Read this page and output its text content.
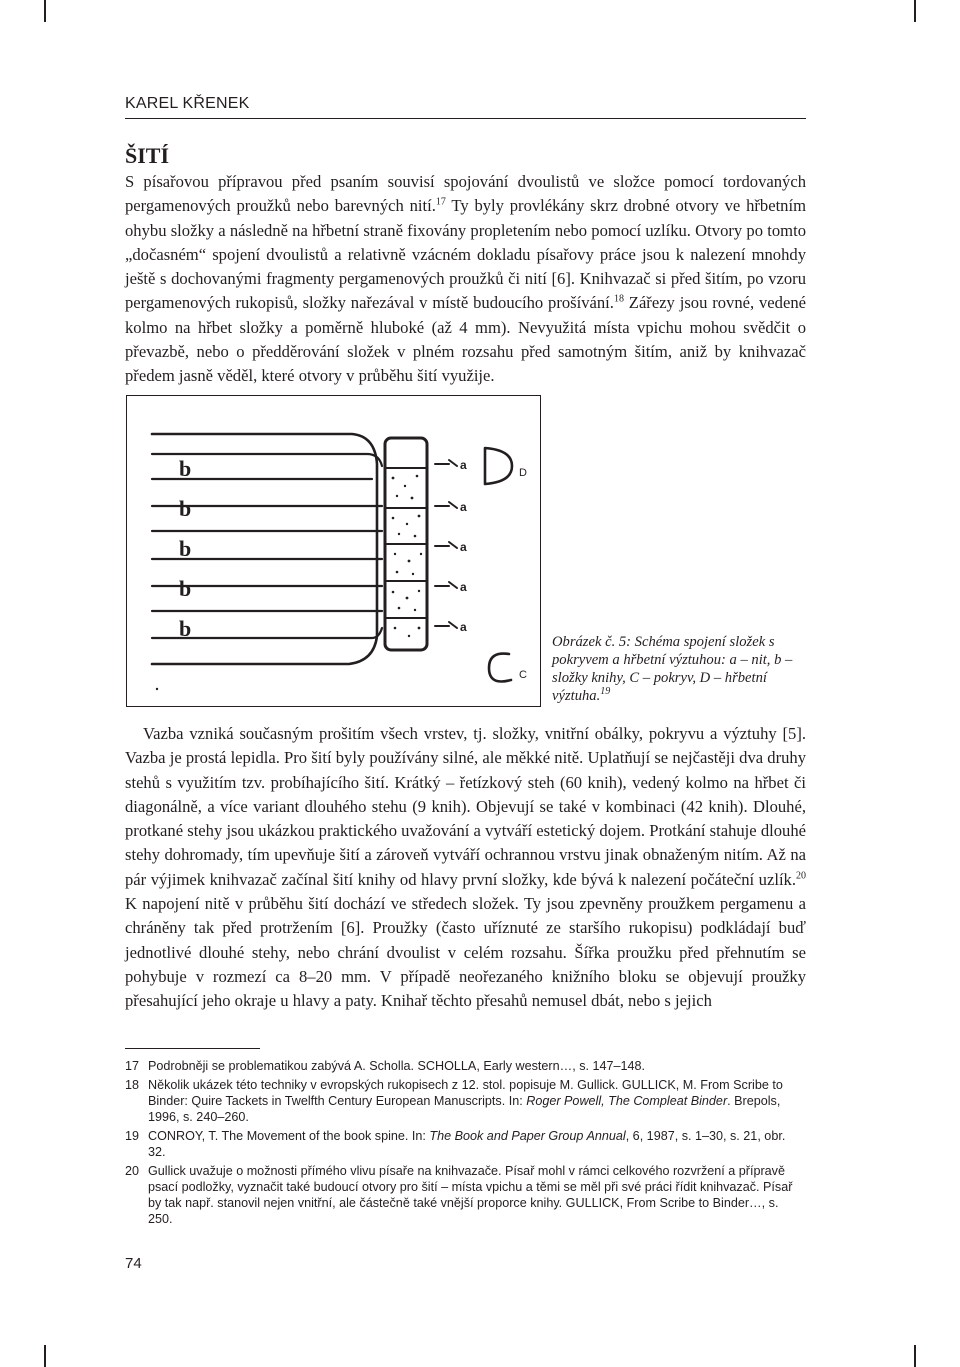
KAREL KŘENEK
ŠITÍ

S písařovou přípravou před psaním souvisí spojování dvoulistů ve složce pomocí tordovaných pergamenových proužků nebo barevných nití.$^{17}$ Ty byly provlékány skrz drobné otvory ve hřbetním ohybu složky a následně na hřbetní straně fixovány propletením nebo pomocí uzlíku. Otvory po tomto „dočasném“ spojení dvoulistů a relativně vzácném dokladu písařovy práce jsou k nalezení mnohdy ještě s dochovanými fragmenty pergamenových proužků či nití [6]. Knihvazač si před šitím, po vzoru pergamenových rukopisů, složky nařezával v místě budoucího prošívání.$^{18}$ Zářezy jsou rovné, vedené kolmo na hřbet složky a poměrně hluboké (až 4 mm). Nevyužitá místa vpichu mohou svědčit o převazbě, nebo o předděrování složek v plném rozsahu před samotným šitím, aniž by knihvazač předem jasně věděl, které otvory v průběhu šití využije.

b
b
b
b
b
a
a
a
a
a
D
C

Obrázek č. 5: Schéma spojení složek s pokryvem a hřbetní výztuhou: a – nit, b – složky knihy, C – pokryv, D – hřbetní výztuha.$^{19}$

Vazba vzniká současným prošitím všech vrstev, tj. složky, vnitřní obálky, pokryvu a výztuhy [5]. Vazba je prostá lepidla. Pro šití byly používány silné, ale měkké nitě. Uplatňují se nejčastěji dva druhy stehů s využitím tzv. probíhajícího šití. Krátký – řetízkový steh (60 knih), vedený kolmo na hřbet či diagonálně, a více variant dlouhého stehu (9 knih). Objevují se také v kombinaci (42 knih). Dlouhé, protkané stehy jsou ukázkou praktického uvažování a vytváří estetický dojem. Protkání stahuje dlouhé stehy dohromady, tím upevňuje šití a zároveň vytváří ochrannou vrstvu jinak obnaženým nitím. Až na pár výjimek knihvazač začínal šití knihy od hlavy první složky, kde bývá k nalezení počáteční uzlík.$^{20}$ K napojení nitě v průběhu šití dochází ve středech složek. Ty jsou zpevněny proužkem pergamenu a chráněny tak před protržením [6]. Proužky (často uříznuté ze staršího rukopisu) podkládají buď jednotlivé dlouhé stehy, nebo chrání dvoulist v celém rozsahu. Šířka proužku před přehnutím se pohybuje v rozmezí ca 8–20 mm. V případě neořezaného knižního bloku se objevují proužky přesahující jeho okraje u hlavy a paty. Knihař těchto přesahů nemusel dbát, nebo s jejich

17 Podrobněji se problematikou zabývá A. Scholla. SCHOLLA, Early western…, s. 147–148.
18 Několik ukázek této techniky v evropských rukopisech z 12. stol. popisuje M. Gullick. GULLICK, M. From Scribe to Binder: Quire Tackets in Twelfth Century European Manuscripts. In: Roger Powell, The Compleat Binder. Brepols, 1996, s. 240–260.
19 CONROY, T. The Movement of the book spine. In: The Book and Paper Group Annual, 6, 1987, s. 1–30, s. 21, obr. 32.
20 Gullick uvažuje o možnosti přímého vlivu písaře na knihvazače. Písař mohl v rámci celkového rozvržení a přípravě psací podložky, vyznačit také budoucí otvory pro šití – místa vpichu a těmi se měl při své práci řídit knihvazač. Písař by tak např. stanovil nejen vnitřní, ale částečně také vnější proporce knihy. GULLICK, From Scribe to Binder…, s. 250.
74
